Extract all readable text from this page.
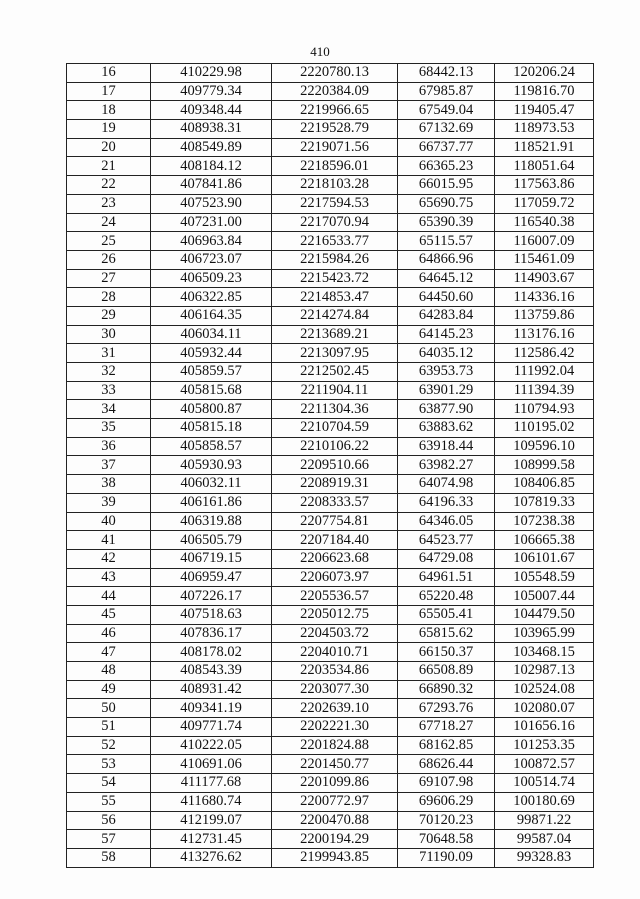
410
16	410229.98	2220780.13	68442.13	120206.24
17	409779.34	2220384.09	67985.87	119816.70
18	409348.44	2219966.65	67549.04	119405.47
19	408938.31	2219528.79	67132.69	118973.53
20	408549.89	2219071.56	66737.77	118521.91
21	408184.12	2218596.01	66365.23	118051.64
22	407841.86	2218103.28	66015.95	117563.86
23	407523.90	2217594.53	65690.75	117059.72
24	407231.00	2217070.94	65390.39	116540.38
25	406963.84	2216533.77	65115.57	116007.09
26	406723.07	2215984.26	64866.96	115461.09
27	406509.23	2215423.72	64645.12	114903.67
28	406322.85	2214853.47	64450.60	114336.16
29	406164.35	2214274.84	64283.84	113759.86
30	406034.11	2213689.21	64145.23	113176.16
31	405932.44	2213097.95	64035.12	112586.42
32	405859.57	2212502.45	63953.73	111992.04
33	405815.68	2211904.11	63901.29	111394.39
34	405800.87	2211304.36	63877.90	110794.93
35	405815.18	2210704.59	63883.62	110195.02
36	405858.57	2210106.22	63918.44	109596.10
37	405930.93	2209510.66	63982.27	108999.58
38	406032.11	2208919.31	64074.98	108406.85
39	406161.86	2208333.57	64196.33	107819.33
40	406319.88	2207754.81	64346.05	107238.38
41	406505.79	2207184.40	64523.77	106665.38
42	406719.15	2206623.68	64729.08	106101.67
43	406959.47	2206073.97	64961.51	105548.59
44	407226.17	2205536.57	65220.48	105007.44
45	407518.63	2205012.75	65505.41	104479.50
46	407836.17	2204503.72	65815.62	103965.99
47	408178.02	2204010.71	66150.37	103468.15
48	408543.39	2203534.86	66508.89	102987.13
49	408931.42	2203077.30	66890.32	102524.08
50	409341.19	2202639.10	67293.76	102080.07
51	409771.74	2202221.30	67718.27	101656.16
52	410222.05	2201824.88	68162.85	101253.35
53	410691.06	2201450.77	68626.44	100872.57
54	411177.68	2201099.86	69107.98	100514.74
55	411680.74	2200772.97	69606.29	100180.69
56	412199.07	2200470.88	70120.23	99871.22
57	412731.45	2200194.29	70648.58	99587.04
58	413276.62	2199943.85	71190.09	99328.83
